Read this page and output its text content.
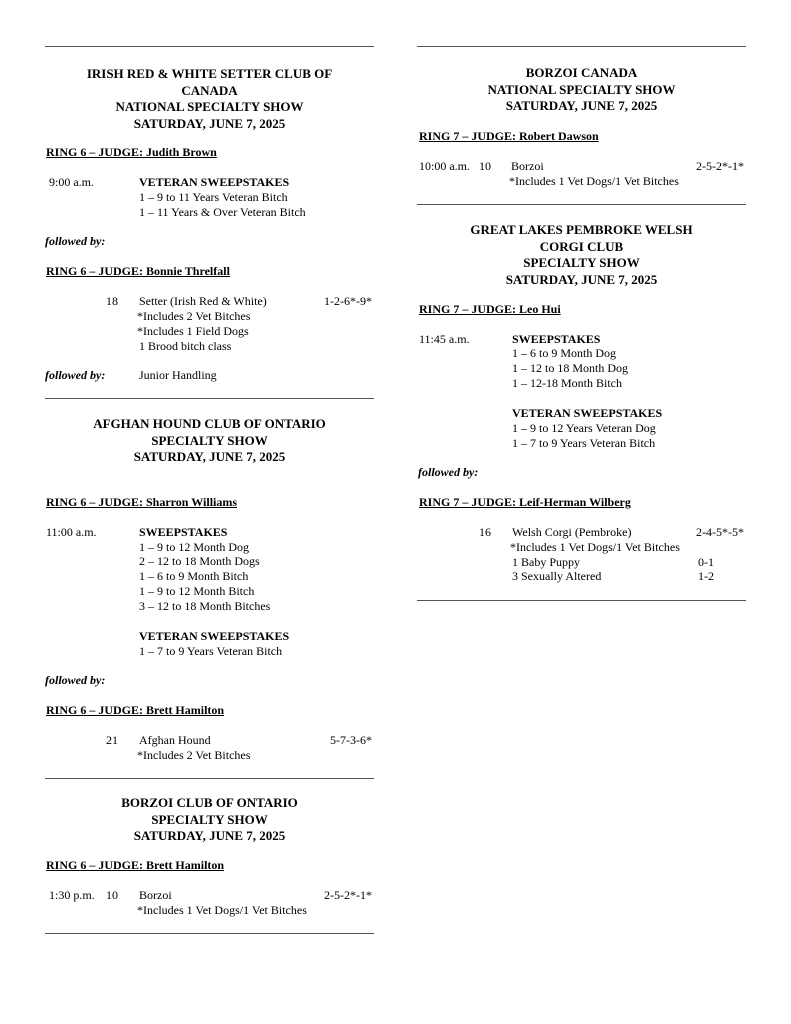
IRISH RED & WHITE SETTER CLUB OF
CANADA
NATIONAL SPECIALTY SHOW
SATURDAY, JUNE 7, 2025
RING 6 – JUDGE: Judith Brown
9:00 a.m.	VETERAN SWEEPSTAKES
1 – 9 to 11 Years Veteran Bitch
1 – 11 Years & Over Veteran Bitch
followed by:
RING 6 – JUDGE: Bonnie Threlfall
18 Setter (Irish Red & White)	1-2-6*-9*
*Includes 2 Vet Bitches
*Includes 1 Field Dogs
1 Brood bitch class
followed by:	Junior Handling
AFGHAN HOUND CLUB OF ONTARIO
SPECIALTY SHOW
SATURDAY, JUNE 7, 2025
RING 6 – JUDGE: Sharron Williams
11:00 a.m.	SWEEPSTAKES
1 – 9 to 12 Month Dog
2 – 12 to 18 Month Dogs
1 – 6 to 9 Month Bitch
1 – 9 to 12 Month Bitch
3 – 12 to 18 Month Bitches
VETERAN SWEEPSTAKES
1 – 7 to 9 Years Veteran Bitch
followed by:
RING 6 – JUDGE: Brett Hamilton
21 Afghan Hound	5-7-3-6*
*Includes 2 Vet Bitches
BORZOI CLUB OF ONTARIO
SPECIALTY SHOW
SATURDAY, JUNE 7, 2025
RING 6 – JUDGE: Brett Hamilton
1:30 p.m. 10 Borzoi	2-5-2*-1*
*Includes 1 Vet Dogs/1 Vet Bitches
BORZOI CANADA
NATIONAL SPECIALTY SHOW
SATURDAY, JUNE 7, 2025
RING 7 – JUDGE: Robert Dawson
10:00 a.m. 10 Borzoi	2-5-2*-1*
*Includes 1 Vet Dogs/1 Vet Bitches
GREAT LAKES PEMBROKE WELSH
CORGI CLUB
SPECIALTY SHOW
SATURDAY, JUNE 7, 2025
RING 7 – JUDGE: Leo Hui
11:45 a.m.	SWEEPSTAKES
1 – 6 to 9 Month Dog
1 – 12 to 18 Month Dog
1 – 12-18 Month Bitch
VETERAN SWEEPSTAKES
1 – 9 to 12 Years Veteran Dog
1 – 7 to 9 Years Veteran Bitch
followed by:
RING 7 – JUDGE: Leif-Herman Wilberg
16 Welsh Corgi (Pembroke)	2-4-5*-5*
*Includes 1 Vet Dogs/1 Vet Bitches
1 Baby Puppy	0-1
3 Sexually Altered	1-2
